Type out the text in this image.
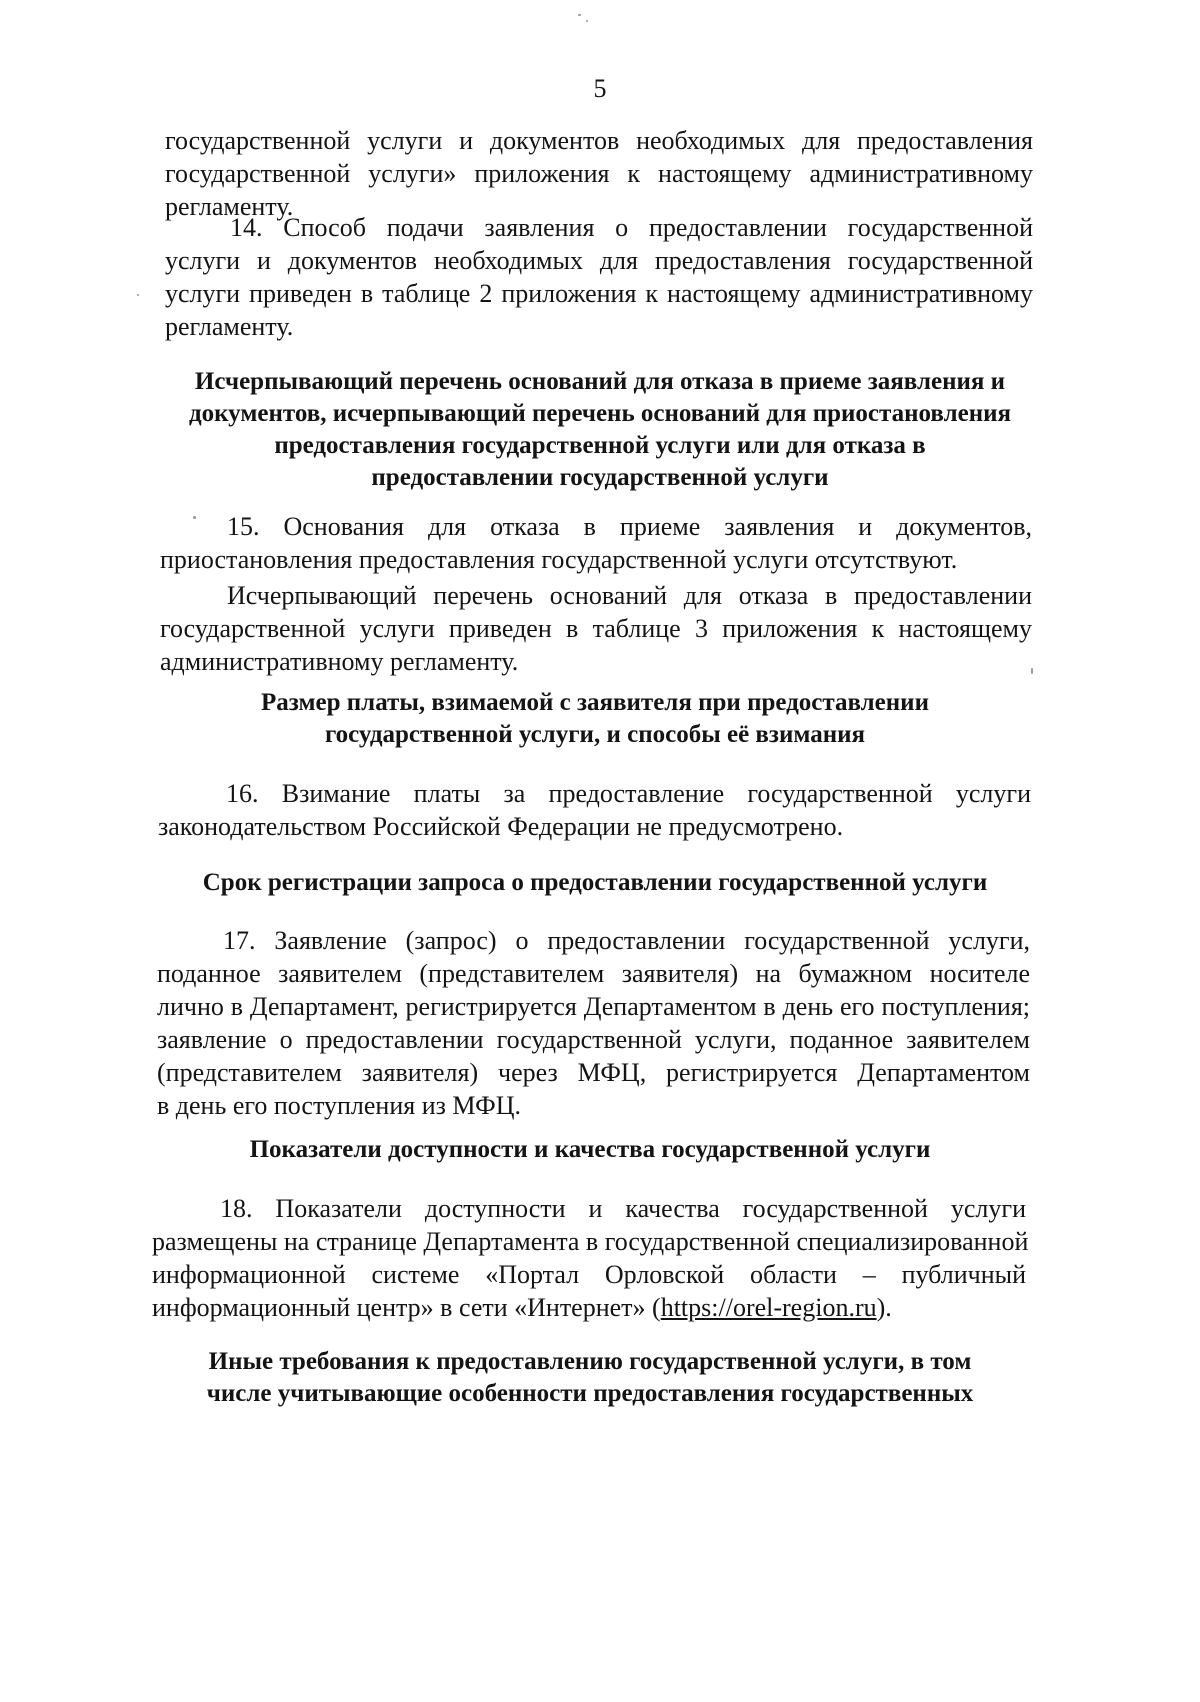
5
государственной услуги и документов необходимых для предоставления
государственной услуги» приложения к настоящему административному
регламенту.
14. Способ подачи заявления о предоставлении государственной
услуги и документов необходимых для предоставления государственной
услуги приведен в таблице 2 приложения к настоящему административному
регламенту.
Исчерпывающий перечень оснований для отказа в приеме заявления и
документов, исчерпывающий перечень оснований для приостановления
предоставления государственной услуги или для отказа в
предоставлении государственной услуги
15. Основания для отказа в приеме заявления и документов,
приостановления предоставления государственной услуги отсутствуют.
Исчерпывающий перечень оснований для отказа в предоставлении
государственной услуги приведен в таблице 3 приложения к настоящему
административному регламенту.
Размер платы, взимаемой с заявителя при предоставлении
государственной услуги, и способы её взимания
16. Взимание платы за предоставление государственной услуги
законодательством Российской Федерации не предусмотрено.
Срок регистрации запроса о предоставлении государственной услуги
17. Заявление (запрос) о предоставлении государственной услуги,
поданное заявителем (представителем заявителя) на бумажном носителе
лично в Департамент, регистрируется Департаментом в день его поступления;
заявление о предоставлении государственной услуги, поданное заявителем
(представителем заявителя) через МФЦ, регистрируется Департаментом
в день его поступления из МФЦ.
Показатели доступности и качества государственной услуги
18. Показатели доступности и качества государственной услуги
размещены на странице Департамента в государственной специализированной
информационной системе «Портал Орловской области – публичный
информационный центр» в сети «Интернет» (https://orel-region.ru).
Иные требования к предоставлению государственной услуги, в том
числе учитывающие особенности предоставления государственных
